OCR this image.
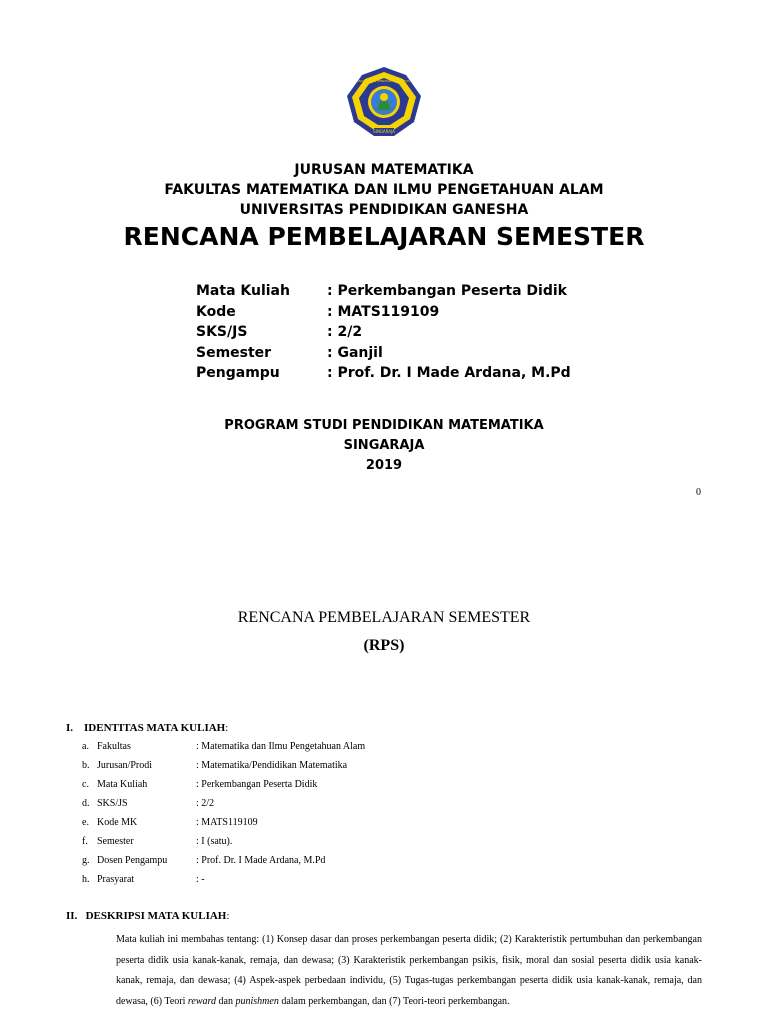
SINGARAJA
UNIVERSITAS PENDIDIKAN GANESHA
JURUSAN MATEMATIKA
FAKULTAS MATEMATIKA DAN ILMU PENGETAHUAN ALAM
UNIVERSITAS PENDIDIKAN GANESHA
RENCANA PEMBELAJARAN SEMESTER
Mata Kuliah	: Perkembangan Peserta Didik
Kode	: MATS119109
SKS/JS	: 2/2
Semester	: Ganjil
Pengampu	: Prof. Dr. I Made Ardana, M.Pd
PROGRAM STUDI PENDIDIKAN MATEMATIKA
SINGARAJA
2019
0
RENCANA PEMBELAJARAN SEMESTER
(RPS)
I. IDENTITAS MATA KULIAH:
a. Fakultas	: Matematika dan Ilmu Pengetahuan Alam
b. Jurusan/Prodi	: Matematika/Pendidikan Matematika
c. Mata Kuliah	: Perkembangan Peserta Didik
d. SKS/JS	: 2/2
e. Kode MK	: MATS119109
f. Semester	: I (satu).
g. Dosen Pengampu	: Prof. Dr. I Made Ardana, M.Pd
h. Prasyarat	: -
II. DESKRIPSI MATA KULIAH:
Mata kuliah ini membahas tentang: (1) Konsep dasar dan proses perkembangan peserta didik; (2) Karakteristik pertumbuhan dan perkembangan peserta didik usia kanak-kanak, remaja, dan dewasa; (3) Karakteristik perkembangan psikis, fisik, moral dan sosial peserta didik usia kanak-kanak, remaja, dan dewasa; (4) Aspek-aspek perbedaan individu, (5) Tugas-tugas perkembangan peserta didik usia kanak-kanak, remaja, dan dewasa, (6) Teori reward dan punishmen dalam perkembangan, dan (7) Teori-teori perkembangan.
